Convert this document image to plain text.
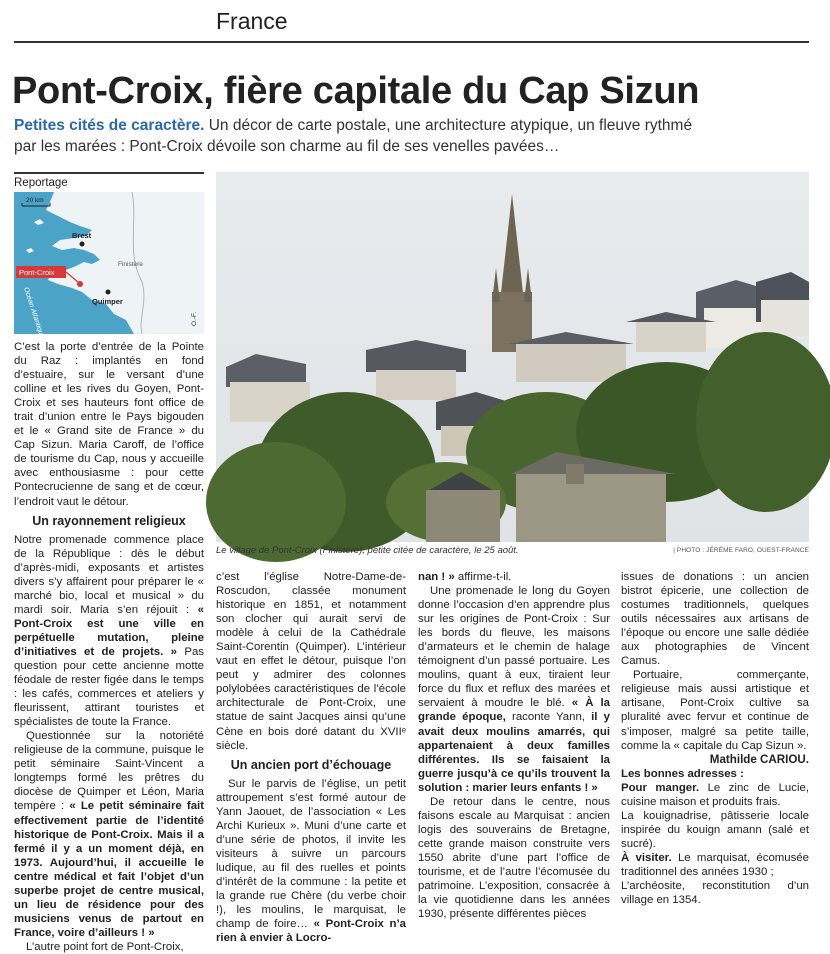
France
Pont-Croix, fière capitale du Cap Sizun
Petites cités de caractère. Un décor de carte postale, une architecture atypique, un fleuve rythmé par les marées : Pont-Croix dévoile son charme au fil de ses venelles pavées…
Reportage
20 km
Brest
Finistère
Pont-Croix
Quimper
Océan Atlantique	O.-F.
Le village de Pont-Croix (Finistère), petite citée de caractère, le 25 août.	| PHOTO : JÉRÉME FARO, OUEST-FRANCE

C’est la porte d’entrée de la Pointe du Raz : implantés en fond d’estuaire, sur le versant d’une colline et les rives du Goyen, Pont-Croix et ses hauteurs font office de trait d’union entre le Pays bigouden et le « Grand site de France » du Cap Sizun. Maria Caroff, de l’office de tourisme du Cap, nous y accueille avec enthousiasme : pour cette Pontecrucienne de sang et de cœur, l’endroit vaut le détour.

Un rayonnement religieux

Notre promenade commence place de la République : dès le début d’après-midi, exposants et artistes divers s’y affairent pour préparer le « marché bio, local et musical » du mardi soir. Maria s’en réjouit : « Pont-Croix est une ville en perpétuelle mutation, pleine d’initiatives et de projets. » Pas question pour cette ancienne motte féodale de rester figée dans le temps : les cafés, commerces et ateliers y fleurissent, attirant touristes et spécialistes de toute la France.

Questionnée sur la notoriété religieuse de la commune, puisque le petit séminaire Saint-Vincent a longtemps formé les prêtres du diocèse de Quimper et Léon, Maria tempère : « Le petit séminaire fait effectivement partie de l’identité historique de Pont-Croix. Mais il a fermé il y a un moment déjà, en 1973. Aujourd’hui, il accueille le centre médical et fait l’objet d’un superbe projet de centre musical, un lieu de résidence pour des musiciens venus de partout en France, voire d’ailleurs ! »

L’autre point fort de Pont-Croix,

c’est l’église Notre-Dame-de-Roscudon, classée monument historique en 1851, et notamment son clocher qui aurait servi de modèle à celui de la Cathédrale Saint-Corentin (Quimper). L’intérieur vaut en effet le détour, puisque l’on peut y admirer des colonnes polylobées caractéristiques de l’école architecturale de Pont-Croix, une statue de saint Jacques ainsi qu’une Cène en bois doré datant du XVIIᵉ siècle.

Un ancien port d’échouage

Sur le parvis de l’église, un petit attroupement s’est formé autour de Yann Jaouet, de l’association « Les Archi Kurieux ». Muni d’une carte et d’une série de photos, il invite les visiteurs à suivre un parcours ludique, au fil des ruelles et points d’intérêt de la commune : la petite et la grande rue Chère (du verbe choir !), les moulins, le marquisat, le champ de foire… « Pont-Croix n’a rien à envier à Locro-

nan ! » affirme-t-il.

Une promenade le long du Goyen donne l’occasion d’en apprendre plus sur les origines de Pont-Croix : Sur les bords du fleuve, les maisons d’armateurs et le chemin de halage témoignent d’un passé portuaire. Les moulins, quant à eux, tiraient leur force du flux et reflux des marées et servaient à moudre le blé. « À la grande époque, raconte Yann, il y avait deux moulins amarrés, qui appartenaient à deux familles différentes. Ils se faisaient la guerre jusqu’à ce qu’ils trouvent la solution : marier leurs enfants ! »

De retour dans le centre, nous faisons escale au Marquisat : ancien logis des souverains de Bretagne, cette grande maison construite vers 1550 abrite d’une part l’office de tourisme, et de l’autre l’écomusée du patrimoine. L’exposition, consacrée à la vie quotidienne dans les années 1930, présente différentes pièces

issues de donations : un ancien bistrot épicerie, une collection de costumes traditionnels, quelques outils nécessaires aux artisans de l’époque ou encore une salle dédiée aux photographies de Vincent Camus.

Portuaire, commerçante, religieuse mais aussi artistique et artisane, Pont-Croix cultive sa pluralité avec fervur et continue de s’imposer, malgré sa petite taille, comme la « capitale du Cap Sizun ».

Mathilde CARIOU.

Les bonnes adresses :

Pour manger. Le zinc de Lucie, cuisine maison et produits frais.

La kouignadrise, pâtisserie locale inspirée du kouign amann (salé et sucré).

À visiter. Le marquisat, écomusée traditionnel des années 1930 ;

L’archéosite, reconstitution d’un village en 1354.
